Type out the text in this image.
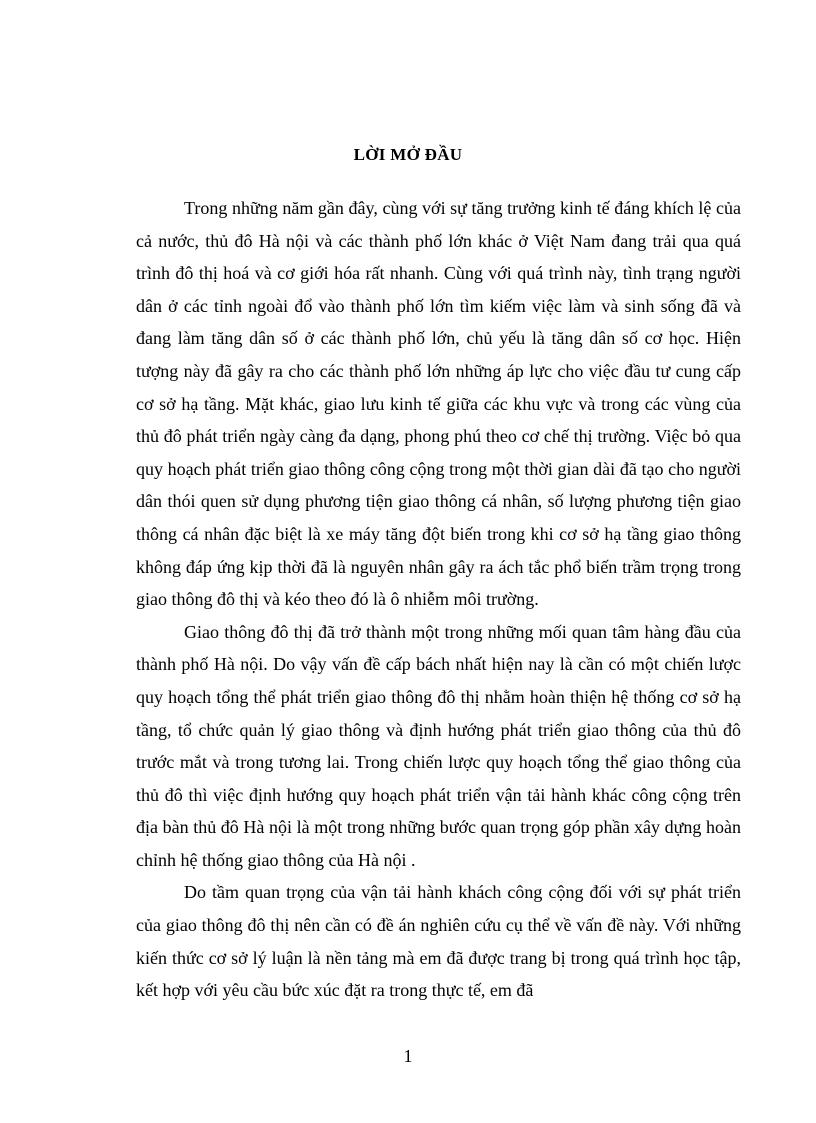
LỜI MỞ ĐẦU

Trong những năm gần đây, cùng với sự tăng trưởng kinh tế đáng khích lệ của cả nước, thủ đô Hà nội và các thành phố lớn khác ở Việt Nam đang trải qua quá trình đô thị hoá và cơ giới hóa rất nhanh. Cùng với quá trình này, tình trạng người dân ở các tỉnh ngoài đổ vào thành phố lớn tìm kiếm việc làm và sinh sống đã và đang làm tăng dân số ở các thành phố lớn, chủ yếu là tăng dân số cơ học. Hiện tượng này đã gây ra cho các thành phố lớn những áp lực cho việc đầu tư cung cấp cơ sở hạ tầng. Mặt khác, giao lưu kinh tế giữa các khu vực và trong các vùng của thủ đô phát triển ngày càng đa dạng, phong phú theo cơ chế thị trường. Việc bỏ qua quy hoạch phát triển giao thông công cộng trong một thời gian dài đã tạo cho người dân thói quen sử dụng phương tiện giao thông cá nhân, số lượng phương tiện giao thông cá nhân đặc biệt là xe máy tăng đột biến trong khi cơ sở hạ tầng giao thông không đáp ứng kịp thời đã là nguyên nhân gây ra ách tắc phổ biến trầm trọng trong giao thông đô thị và kéo theo đó là ô nhiễm môi trường.

Giao thông đô thị đã trở thành một trong những mối quan tâm hàng đầu của thành phố Hà nội. Do vậy vấn đề cấp bách nhất hiện nay là cần có một chiến lược quy hoạch tổng thể phát triển giao thông đô thị nhằm hoàn thiện hệ thống cơ sở hạ tầng, tổ chức quản lý giao thông và định hướng phát triển giao thông của thủ đô trước mắt và trong tương lai. Trong chiến lược quy hoạch tổng thể giao thông của thủ đô thì việc định hướng quy hoạch phát triển vận tải hành khác công cộng trên địa bàn thủ đô Hà nội là một trong những bước quan trọng góp phần xây dựng hoàn chỉnh hệ thống giao thông của Hà nội .

Do tầm quan trọng của vận tải hành khách công cộng đối với sự phát triển của giao thông đô thị nên cần có đề án nghiên cứu cụ thể về vấn đề này. Với những kiến thức cơ sở lý luận là nền tảng mà em đã được trang bị trong quá trình học tập, kết hợp với yêu cầu bức xúc đặt ra trong thực tế, em đã

1
